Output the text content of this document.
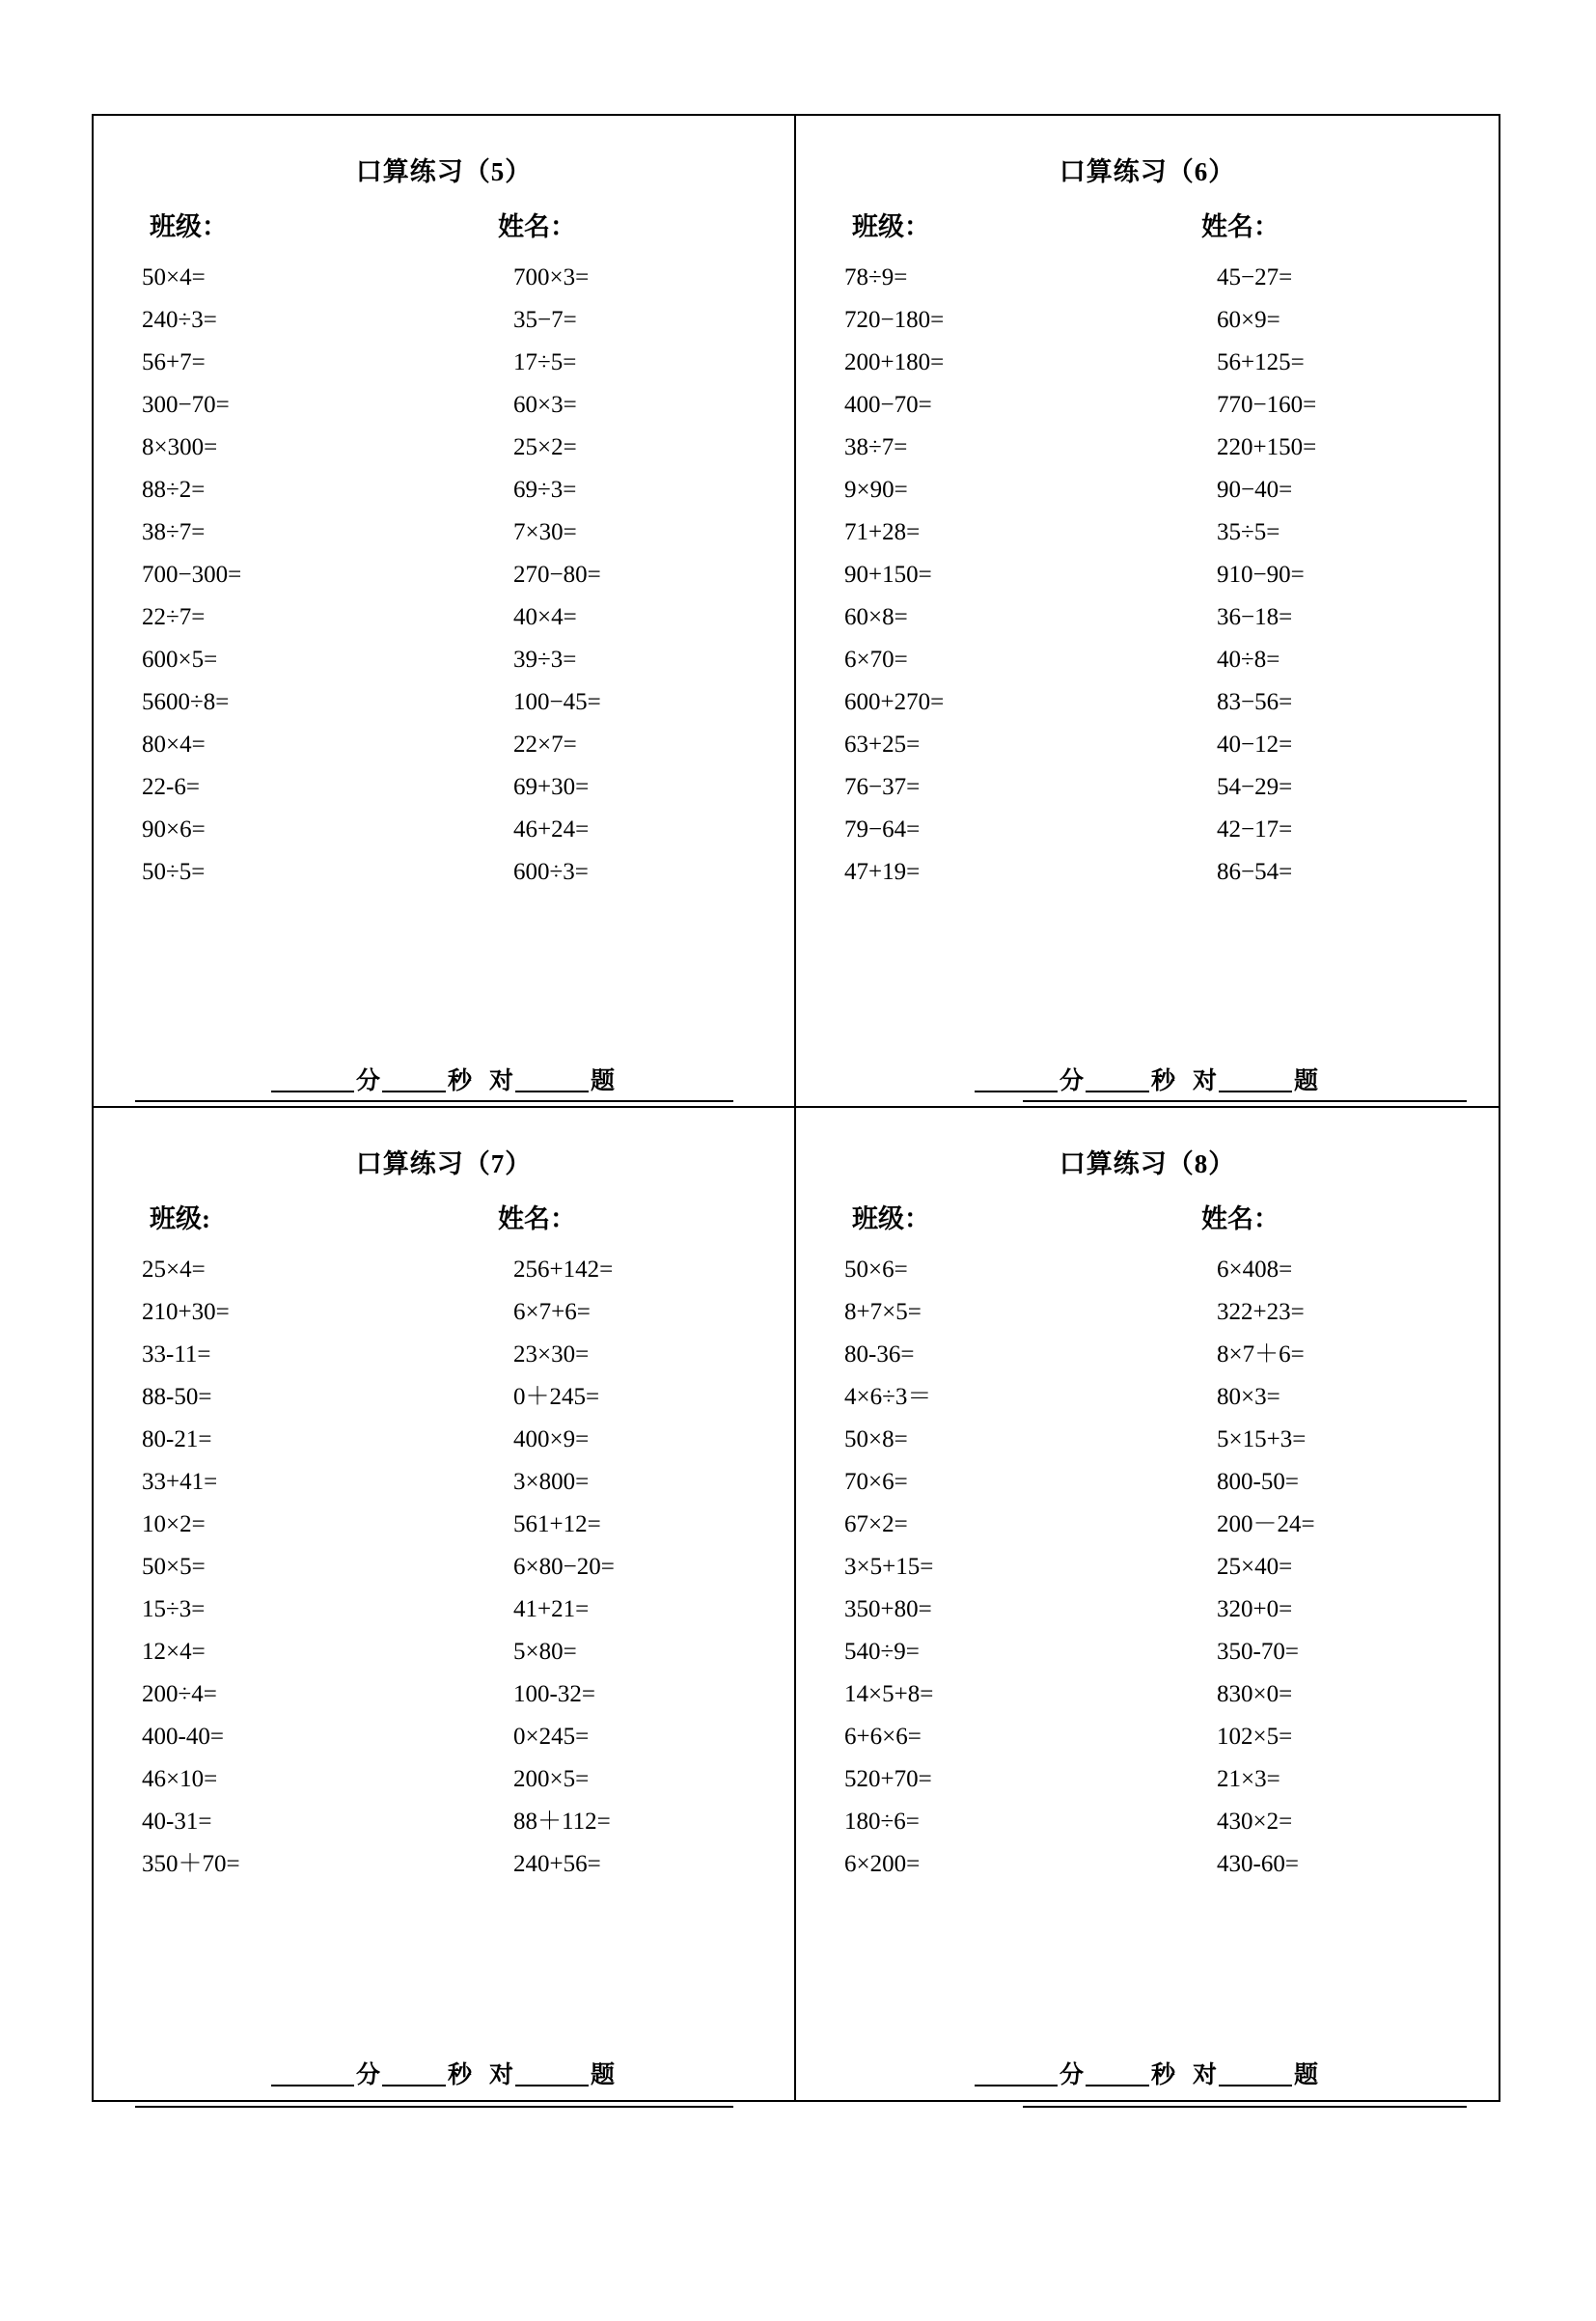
口算练习（5）
班级：	姓名：
50×4=	700×3=
240÷3=	35−7=
56+7=	17÷5=
300−70=	60×3=
8×300=	25×2=
88÷2=	69÷3=
38÷7=	7×30=
700−300=	270−80=
22÷7=	40×4=
600×5=	39÷3=
5600÷8=	100−45=
80×4=	22×7=
22-6=	69+30=
90×6=	46+24=
50÷5=	600÷3=
分	秒 对	题
口算练习（6）
班级：	姓名：
78÷9=	45−27=
720−180=	60×9=
200+180=	56+125=
400−70=	770−160=
38÷7=	220+150=
9×90=	90−40=
71+28=	35÷5=
90+150=	910−90=
60×8=	36−18=
6×70=	40÷8=
600+270=	83−56=
63+25=	40−12=
76−37=	54−29=
79−64=	42−17=
47+19=	86−54=
分	秒 对	题
口算练习（7）
班级:	姓名：
25×4=	256+142=
210+30=	6×7+6=
33-11=	23×30=
88-50=	0＋245=
80-21=	400×9=
33+41=	3×800=
10×2=	561+12=
50×5=	6×80−20=
15÷3=	41+21=
12×4=	5×80=
200÷4=	100-32=
400-40=	0×245=
46×10=	200×5=
40-31=	88＋112=
350＋70=	240+56=
分	秒 对	题
口算练习（8）
班级：	姓名：
50×6=	6×408=
8+7×5=	322+23=
80-36=	8×7＋6=
4×6÷3＝	80×3=
50×8=	5×15+3=
70×6=	800-50=
67×2=	200－24=
3×5+15=	25×40=
350+80=	320+0=
540÷9=	350-70=
14×5+8=	830×0=
6+6×6=	102×5=
520+70=	21×3=
180÷6=	430×2=
6×200=	430-60=
分	秒 对	题
